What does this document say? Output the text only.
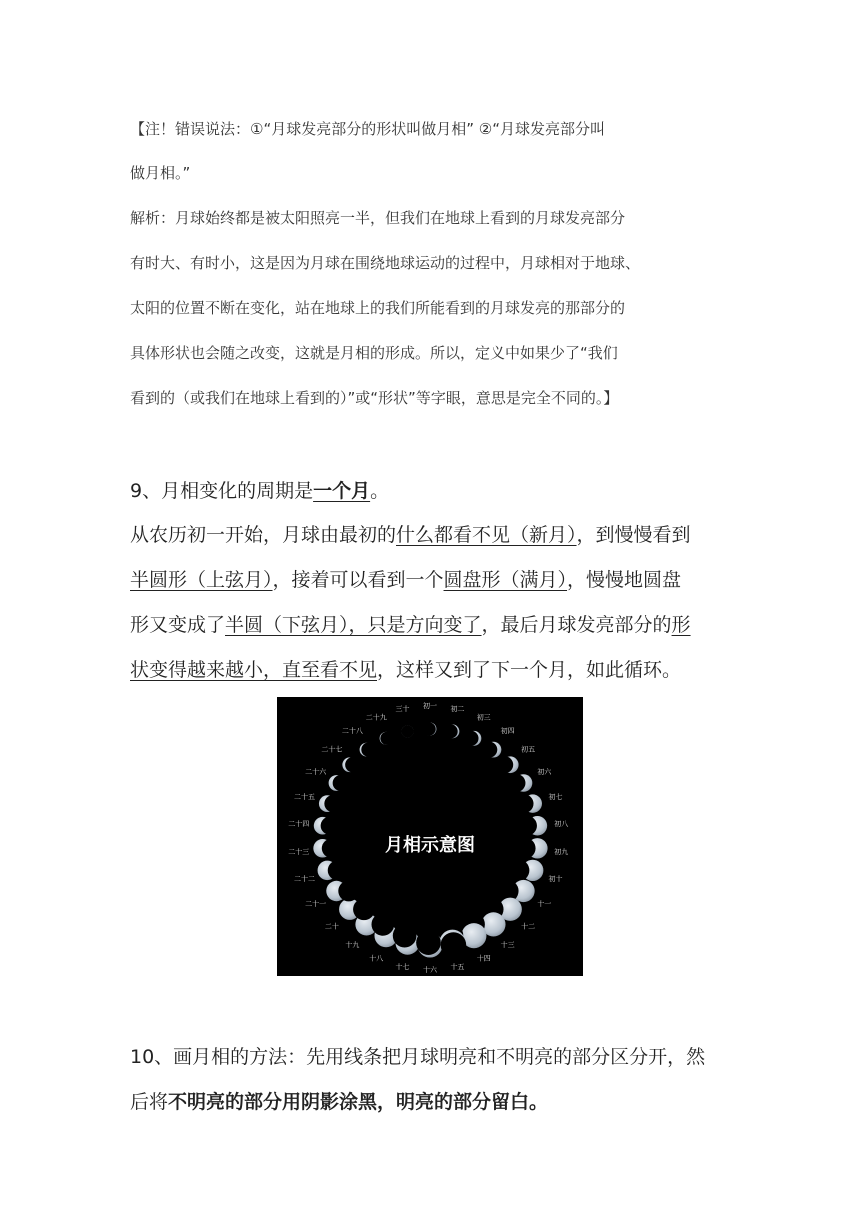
【注！错误说法：①“月球发亮部分的形状叫做月相” ②“月球发亮部分叫
做月相。”
解析：月球始终都是被太阳照亮一半，但我们在地球上看到的月球发亮部分
有时大、有时小，这是因为月球在围绕地球运动的过程中，月球相对于地球、
太阳的位置不断在变化，站在地球上的我们所能看到的月球发亮的那部分的
具体形状也会随之改变，这就是月相的形成。所以，定义中如果少了“我们
看到的（或我们在地球上看到的）”或“形状”等字眼，意思是完全不同的。】
9、月相变化的周期是一个月。
从农历初一开始，月球由最初的什么都看不见（新月），到慢慢看到
半圆形（上弦月），接着可以看到一个圆盘形（满月），慢慢地圆盘
形又变成了半圆（下弦月），只是方向变了，最后月球发亮部分的形
状变得越来越小，直至看不见，这样又到了下一个月，如此循环。
初一 初二
初三
初四
初五
初六
初七
初八
初九
初十
十一
十二
十三
十四
十五
十六
十七
十八
十九
二十
二十一
二十二
二十三
二十四
二十五
二十六
二十七
二十八
二十九
三十
月相示意图
10、画月相的方法：先用线条把月球明亮和不明亮的部分区分开，然
后将不明亮的部分用阴影涂黑，明亮的部分留白。
